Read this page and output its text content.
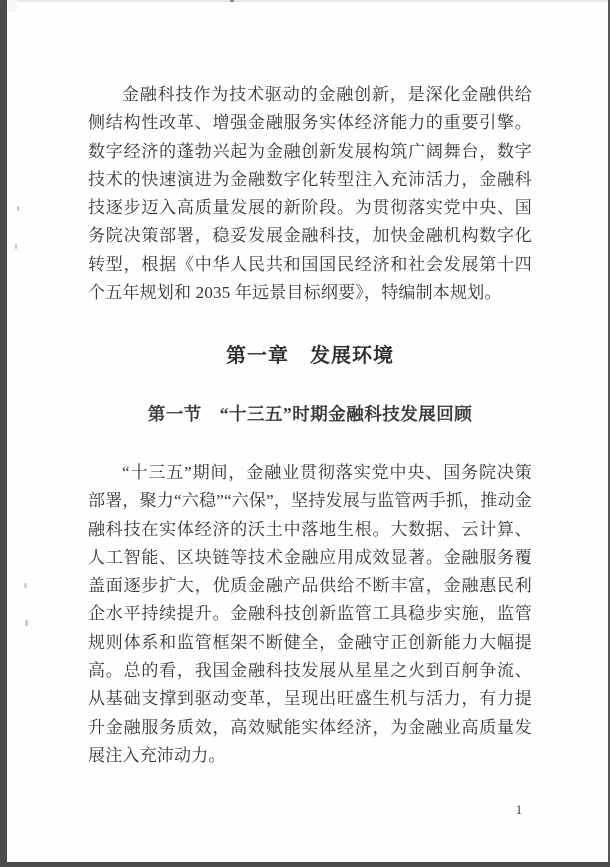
金融科技作为技术驱动的金融创新，是深化金融供给侧结构性改革、增强金融服务实体经济能力的重要引擎。数字经济的蓬勃兴起为金融创新发展构筑广阔舞台，数字技术的快速演进为金融数字化转型注入充沛活力，金融科技逐步迈入高质量发展的新阶段。为贯彻落实党中央、国务院决策部署，稳妥发展金融科技，加快金融机构数字化转型，根据《中华人民共和国国民经济和社会发展第十四个五年规划和 2035 年远景目标纲要》，特编制本规划。

第一章　发展环境
第一节　“十三五”时期金融科技发展回顾

“十三五”期间，金融业贯彻落实党中央、国务院决策部署，聚力“六稳”“六保”，坚持发展与监管两手抓，推动金融科技在实体经济的沃土中落地生根。大数据、云计算、人工智能、区块链等技术金融应用成效显著。金融服务覆盖面逐步扩大，优质金融产品供给不断丰富，金融惠民利企水平持续提升。金融科技创新监管工具稳步实施，监管规则体系和监管框架不断健全，金融守正创新能力大幅提高。总的看，我国金融科技发展从星星之火到百舸争流、从基础支撑到驱动变革，呈现出旺盛生机与活力，有力提升金融服务质效，高效赋能实体经济，为金融业高质量发展注入充沛动力。

1
